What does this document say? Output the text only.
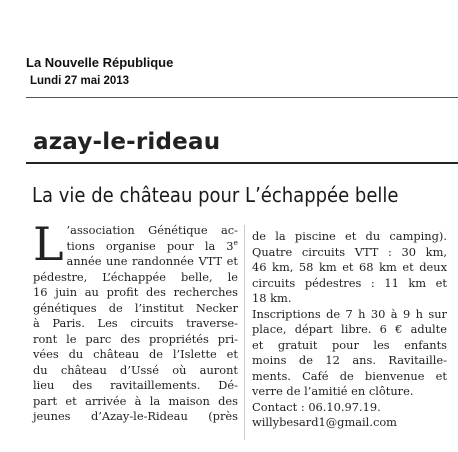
La Nouvelle République
Lundi 27 mai 2013
azay-le-rideau
La vie de château pour L’échappée belle
L ’association Génétique ac-
tions organise pour la 3e
année une randonnée VTT et
pédestre, L’échappée belle, le
16 juin au profit des recherches
génétiques de l’institut Necker
à Paris. Les circuits traverse-
ront le parc des propriétés pri-
vées du château de l’Islette et
du château d’Ussé où auront
lieu des ravitaillements. Dé-
part et arrivée à la maison des
jeunes d’Azay-le-Rideau (près
de la piscine et du camping).
Quatre circuits VTT : 30 km,
46 km, 58 km et 68 km et deux
circuits pédestres : 11 km et
18 km.
Inscriptions de 7 h 30 à 9 h sur
place, départ libre. 6 € adulte
et gratuit pour les enfants
moins de 12 ans. Ravitaille-
ments. Café de bienvenue et
verre de l’amitié en clôture.
Contact : 06.10.97.19.
willybesard1@gmail.com
